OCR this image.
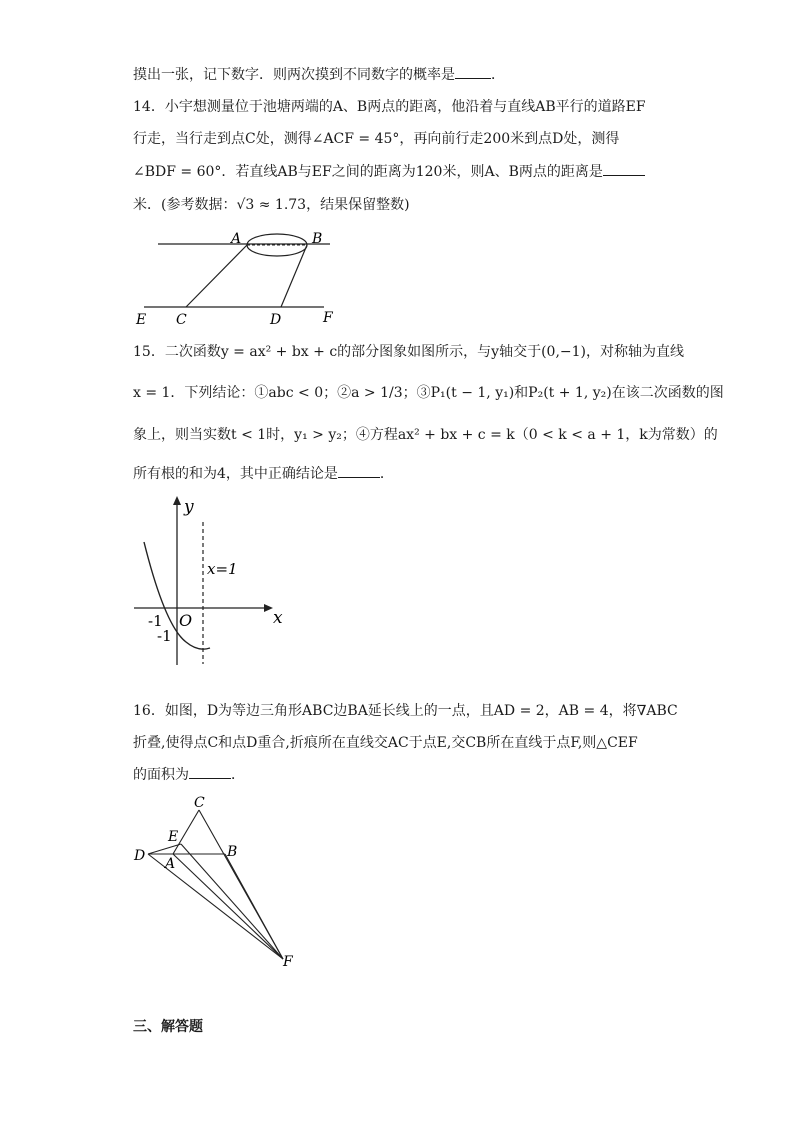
摸出一张，记下数字．则两次摸到不同数字的概率是	．
14．小宇想测量位于池塘两端的A、B两点的距离，他沿着与直线AB平行的道路EF
行走，当行走到点C处，测得∠ACF = 45°，再向前行走200米到点D处，测得
∠BDF = 60°．若直线AB与EF之间的距离为120米，则A、B两点的距离是
米．(参考数据：√3 ≈ 1.73，结果保留整数)
A	B
E C	D	F
15．二次函数y = ax² + bx + c的部分图象如图所示，与y轴交于(0,−1)，对称轴为直线
x = 1．下列结论：①abc < 0；②a > 1/3；③P₁(t − 1, y₁)和P₂(t + 1, y₂)在该二次函数的图
象上，则当实数t < 1时，y₁ > y₂；④方程ax² + bx + c = k（0 < k < a + 1，k为常数）的
所有根的和为4，其中正确结论是	．
y
x
x=1
O
-1
-1
16．如图，D为等边三角形ABC边BA延长线上的一点，且AD = 2，AB = 4，将∇ABC
折叠,使得点C和点D重合,折痕所在直线交AC于点E,交CB所在直线于点F,则△CEF
的面积为	．
C
E
D A
B
F
三、解答题
